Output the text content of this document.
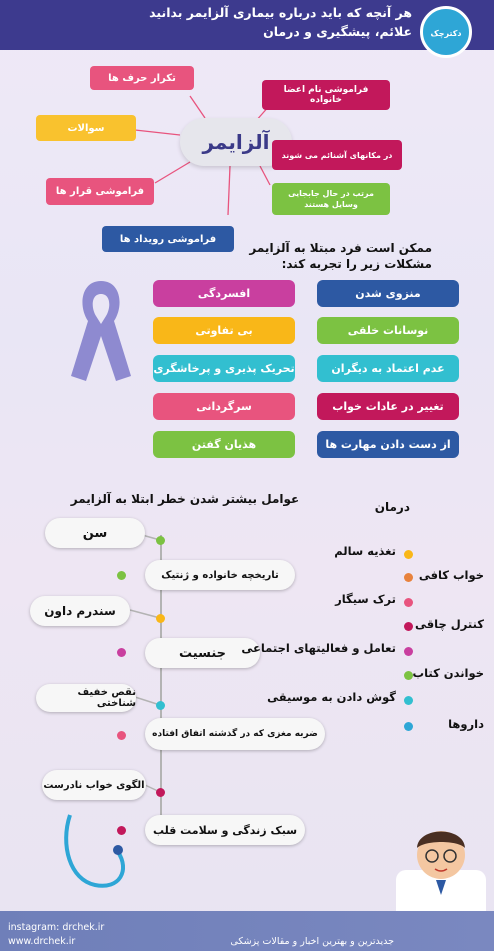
هر آنچه که باید درباره بیماری آلزایمر بدانید
علائم، پیشگیری و درمان	دکترچک
آلزایمر
تکرار حرف ها
فراموشی نام اعضا خانواده
سوالات
در مکانهای آشنائم می شوند
فراموشی قرار ها	مرتب در حال جابجایی وسایل هستند
فراموشی رویداد ها
ممکن است فرد مبتلا به آلزایمر
مشکلات زیر را تجربه کند:
منزوی شدن
نوسانات خلقی
عدم اعتماد به دیگران
تغییر در عادات خواب
از دست دادن مهارت ها
افسردگی
بی تفاوتی
تحریک پذیری و پرخاشگری
سرگردانی
هذیان گفتن
عوامل بیشتر شدن خطر ابتلا به آلزایمر
سن
تاریخچه خانواده و ژنتیک
سندرم داون
جنسیت
نقص خفیف شناختی
ضربه مغزی که در گذشته اتفاق افتاده
الگوی خواب نادرست
سبک زندگی و سلامت قلب
درمان
تغذیه سالم
خواب کافی
ترک سیگار
کنترل چاقی
تعامل و فعالیتهای اجتماعی
خواندن کتاب
گوش دادن به موسیقی
داروها
instagram: drchek.ir
www.drchek.ir	جدیدترین و بهترین اخبار و مقالات پزشکی
